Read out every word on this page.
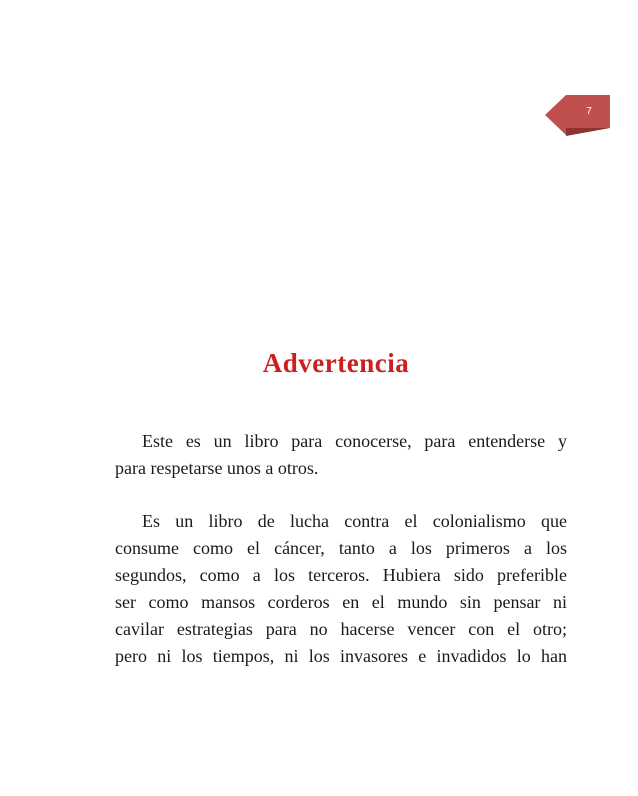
7
Advertencia

Este es un libro para conocerse, para entenderse y
para respetarse unos a otros.

Es un libro de lucha contra el colonialismo que
consume como el cáncer, tanto a los primeros a los
segundos, como a los terceros. Hubiera sido preferible
ser como mansos corderos en el mundo sin pensar ni
cavilar estrategias para no hacerse vencer con el otro;
pero ni los tiempos, ni los invasores e invadidos lo han
